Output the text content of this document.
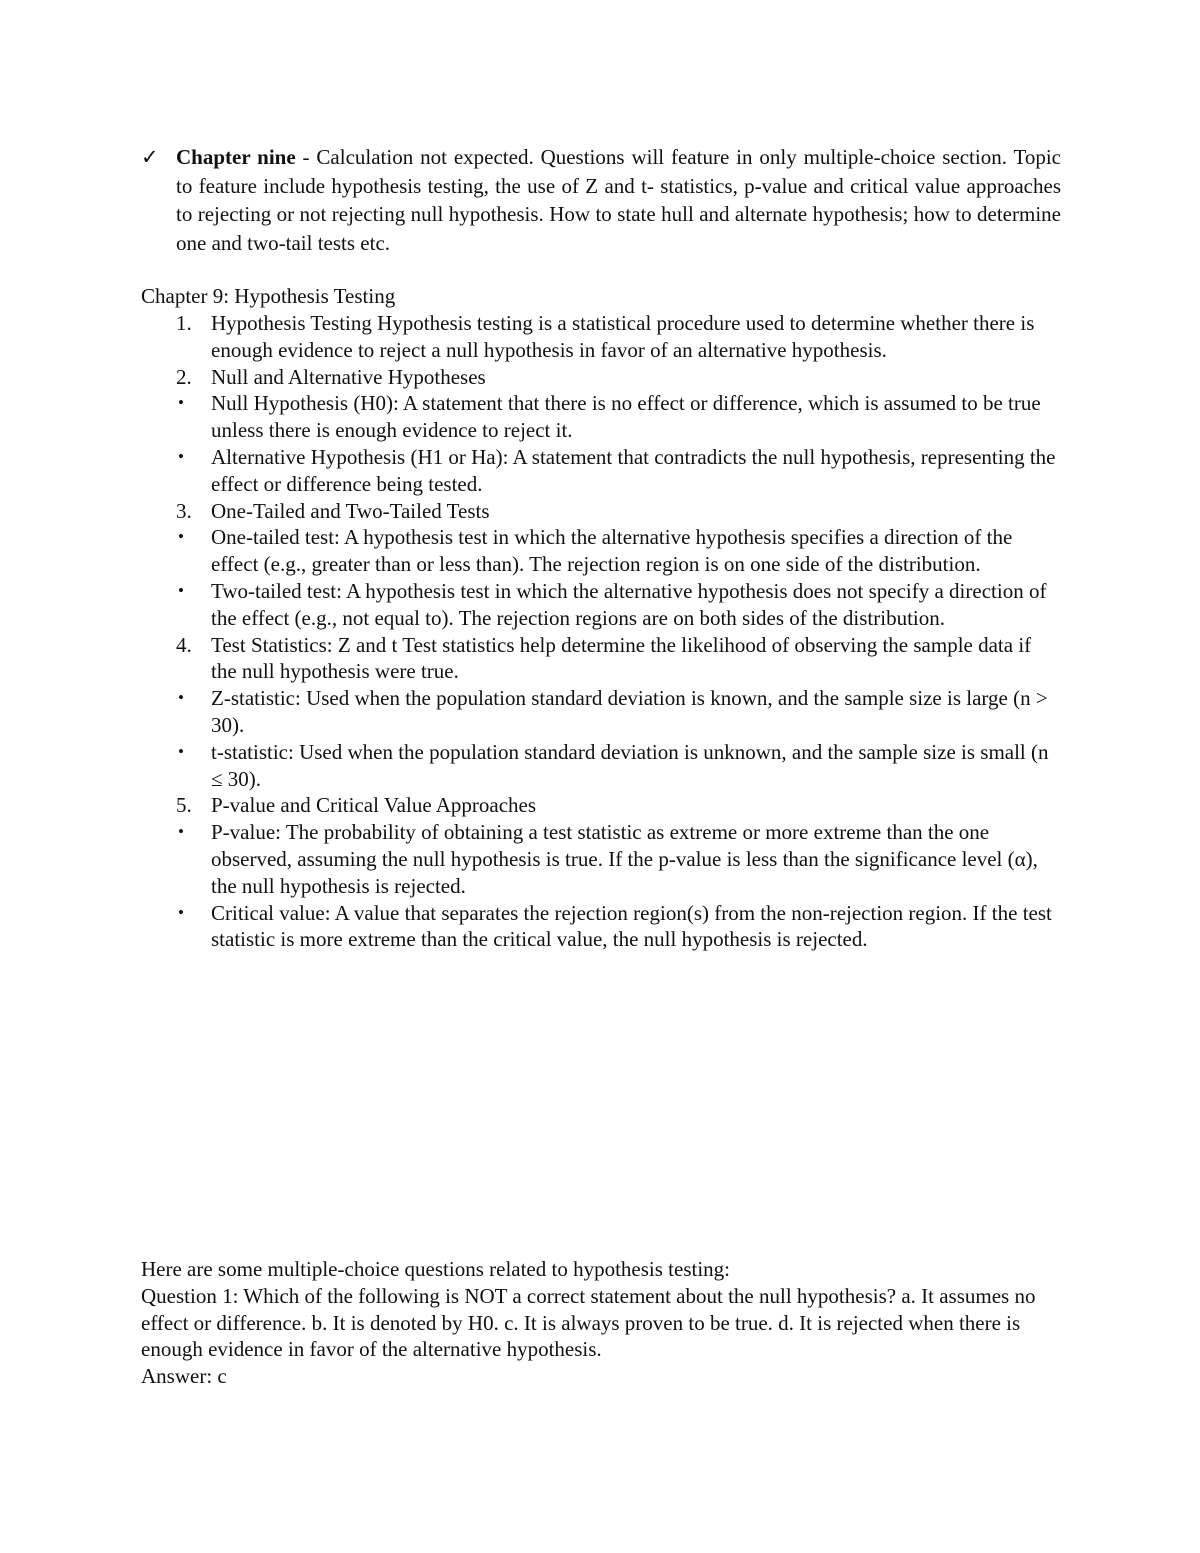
✓ Chapter nine - Calculation not expected. Questions will feature in only multiple-choice section. Topic to feature include hypothesis testing, the use of Z and t- statistics, p-value and critical value approaches to rejecting or not rejecting null hypothesis. How to state hull and alternate hypothesis; how to determine one and two-tail tests etc.
Chapter 9: Hypothesis Testing
1. Hypothesis Testing Hypothesis testing is a statistical procedure used to determine whether there is enough evidence to reject a null hypothesis in favor of an alternative hypothesis.
2. Null and Alternative Hypotheses
•	Null Hypothesis (H0): A statement that there is no effect or difference, which is assumed to be true unless there is enough evidence to reject it.
•	Alternative Hypothesis (H1 or Ha): A statement that contradicts the null hypothesis, representing the effect or difference being tested.
3. One-Tailed and Two-Tailed Tests
•	One-tailed test: A hypothesis test in which the alternative hypothesis specifies a direction of the effect (e.g., greater than or less than). The rejection region is on one side of the distribution.
•	Two-tailed test: A hypothesis test in which the alternative hypothesis does not specify a direction of the effect (e.g., not equal to). The rejection regions are on both sides of the distribution.
4. Test Statistics: Z and t Test statistics help determine the likelihood of observing the sample data if the null hypothesis were true.
•	Z-statistic: Used when the population standard deviation is known, and the sample size is large (n > 30).
•	t-statistic: Used when the population standard deviation is unknown, and the sample size is small (n ≤ 30).
5. P-value and Critical Value Approaches
•	P-value: The probability of obtaining a test statistic as extreme or more extreme than the one observed, assuming the null hypothesis is true. If the p-value is less than the significance level (α), the null hypothesis is rejected.
•	Critical value: A value that separates the rejection region(s) from the non-rejection region. If the test statistic is more extreme than the critical value, the null hypothesis is rejected.
Here are some multiple-choice questions related to hypothesis testing:
Question 1: Which of the following is NOT a correct statement about the null hypothesis? a. It assumes no effect or difference. b. It is denoted by H0. c. It is always proven to be true. d. It is rejected when there is enough evidence in favor of the alternative hypothesis.
Answer: c
